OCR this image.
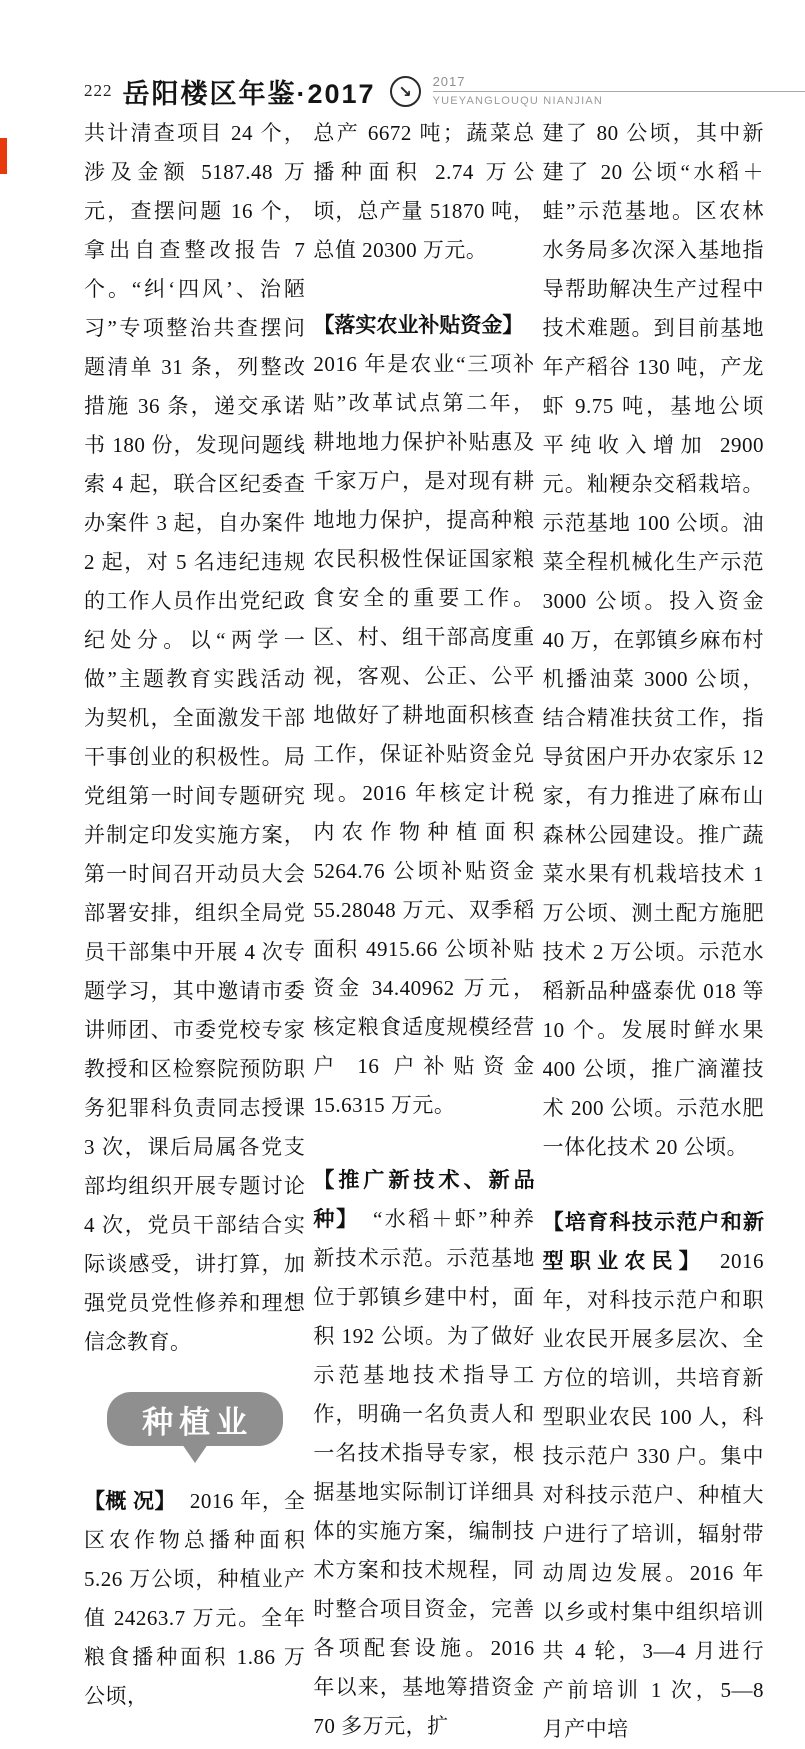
222 岳阳楼区年鉴·2017 ↘ 2017
YUEYANGLOUQU NIANJIAN

共计清查项目 24 个，涉及金额 5187.48 万元，查摆问题 16 个，拿出自查整改报告 7 个。“纠‘四风’、治陋习”专项整治共查摆问题清单 31 条，列整改措施 36 条，递交承诺书 180 份，发现问题线索 4 起，联合区纪委查办案件 3 起，自办案件 2 起，对 5 名违纪违规的工作人员作出党纪政纪处分。以“两学一做”主题教育实践活动为契机，全面激发干部干事创业的积极性。局党组第一时间专题研究并制定印发实施方案，第一时间召开动员大会部署安排，组织全局党员干部集中开展 4 次专题学习，其中邀请市委讲师团、市委党校专家教授和区检察院预防职务犯罪科负责同志授课 3 次，课后局属各党支部均组织开展专题讨论 4 次，党员干部结合实际谈感受，讲打算，加强党员党性修养和理想信念教育。

种植业

【概 况】 2016 年，全区农作物总播种面积 5.26 万公顷，种植业产值 24263.7 万元。全年粮食播种面积 1.86 万公顷，

总产 6672 吨；蔬菜总播种面积 2.74 万公顷，总产量 51870 吨，总值 20300 万元。

【落实农业补贴资金】2016 年是农业“三项补贴”改革试点第二年，耕地地力保护补贴惠及千家万户，是对现有耕地地力保护，提高种粮农民积极性保证国家粮食安全的重要工作。区、村、组干部高度重视，客观、公正、公平地做好了耕地面积核查工作，保证补贴资金兑现。2016 年核定计税内农作物种植面积 5264.76 公顷补贴资金 55.28048 万元、双季稻面积 4915.66 公顷补贴资金 34.40962 万元，核定粮食适度规模经营户 16 户补贴资金 15.6315 万元。

【推广新技术、新品种】 “水稻＋虾”种养新技术示范。示范基地位于郭镇乡建中村，面积 192 公顷。为了做好示范基地技术指导工作，明确一名负责人和一名技术指导专家，根据基地实际制订详细具体的实施方案，编制技术方案和技术规程，同时整合项目资金，完善各项配套设施。2016 年以来，基地筹措资金 70 多万元，扩

建了 80 公顷，其中新建了 20 公顷“水稻＋蛙”示范基地。区农林水务局多次深入基地指导帮助解决生产过程中技术难题。到目前基地年产稻谷 130 吨，产龙虾 9.75 吨，基地公顷平纯收入增加 2900 元。籼粳杂交稻栽培。示范基地 100 公顷。油菜全程机械化生产示范 3000 公顷。投入资金 40 万，在郭镇乡麻布村机播油菜 3000 公顷，结合精准扶贫工作，指导贫困户开办农家乐 12 家，有力推进了麻布山森林公园建设。推广蔬菜水果有机栽培技术 1 万公顷、测土配方施肥技术 2 万公顷。示范水稻新品种盛泰优 018 等 10 个。发展时鲜水果 400 公顷，推广滴灌技术 200 公顷。示范水肥一体化技术 20 公顷。

【培育科技示范户和新型职业农民】 2016 年，对科技示范户和职业农民开展多层次、全方位的培训，共培育新型职业农民 100 人，科技示范户 330 户。集中对科技示范户、种植大户进行了培训，辐射带动周边发展。2016 年以乡或村集中组织培训共 4 轮，3—4 月进行产前培训 1 次，5—8 月产中培
